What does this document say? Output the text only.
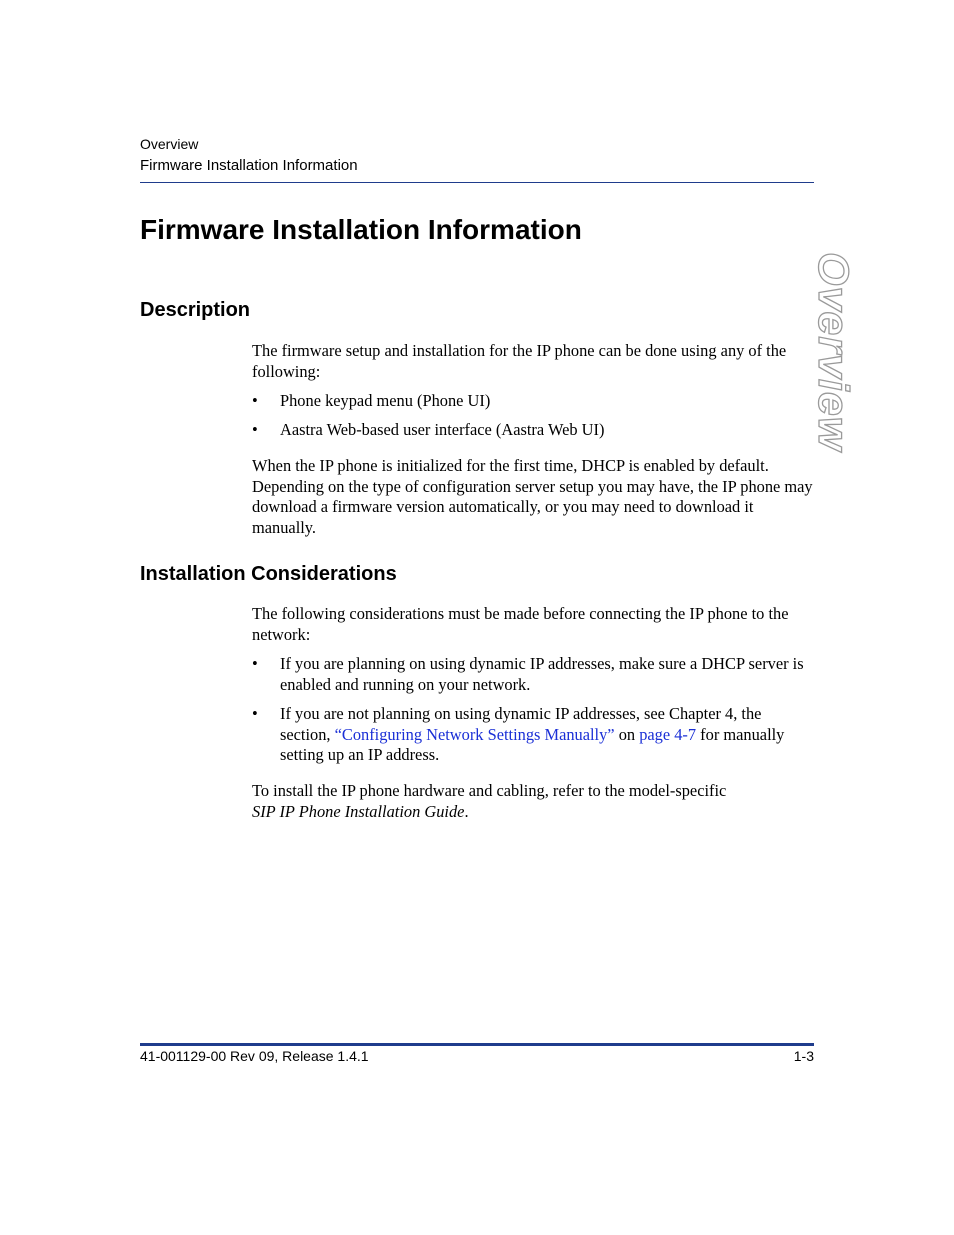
Overview
Firmware Installation Information
Overview
Firmware Installation Information
Description

The firmware setup and installation for the IP phone can be done using any of the following:

• Phone keypad menu (Phone UI)
• Aastra Web-based user interface (Aastra Web UI)

When the IP phone is initialized for the first time, DHCP is enabled by default. Depending on the type of configuration server setup you may have, the IP phone may download a firmware version automatically, or you may need to download it manually.

Installation Considerations

The following considerations must be made before connecting the IP phone to the network:

• If you are planning on using dynamic IP addresses, make sure a DHCP server is enabled and running on your network.
• If you are not planning on using dynamic IP addresses, see Chapter 4, the section, “Configuring Network Settings Manually” on page 4-7 for manually setting up an IP address.

To install the IP phone hardware and cabling, refer to the model-specific
SIP IP Phone Installation Guide.

41-001129-00 Rev 09, Release 1.4.1	1-3
